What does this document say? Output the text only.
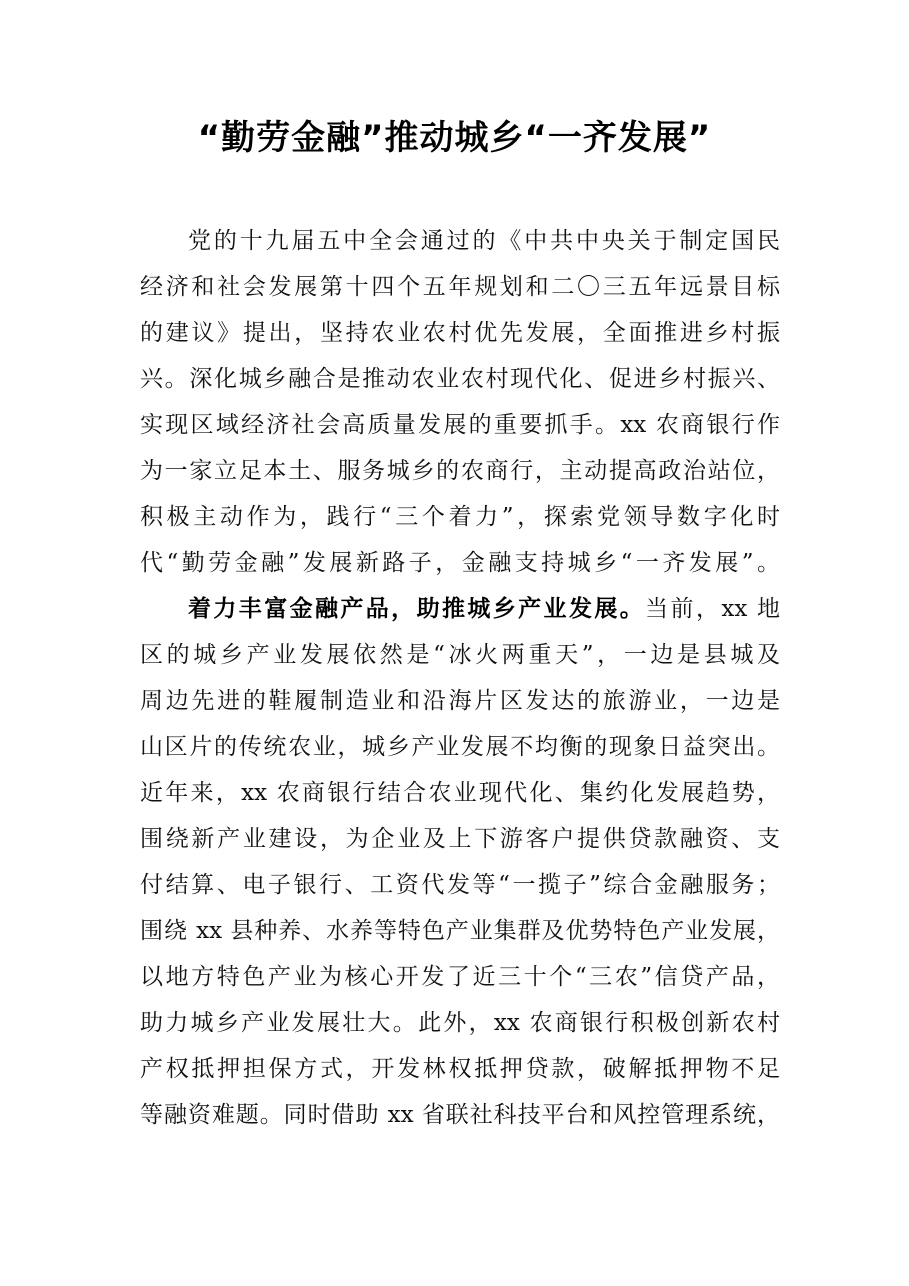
“勤劳金融”推动城乡“一齐发展”
党的十九届五中全会通过的《中共中央关于制定国民
经济和社会发展第十四个五年规划和二〇三五年远景目标
的建议》提出，坚持农业农村优先发展，全面推进乡村振
兴。深化城乡融合是推动农业农村现代化、促进乡村振兴、
实现区域经济社会高质量发展的重要抓手。xx 农商银行作
为一家立足本土、服务城乡的农商行，主动提高政治站位，
积极主动作为，践行“三个着力”，探索党领导数字化时
代“勤劳金融”发展新路子，金融支持城乡“一齐发展”。
着力丰富金融产品，助推城乡产业发展。当前，xx 地
区的城乡产业发展依然是“冰火两重天”，一边是县城及
周边先进的鞋履制造业和沿海片区发达的旅游业，一边是
山区片的传统农业，城乡产业发展不均衡的现象日益突出。
近年来，xx 农商银行结合农业现代化、集约化发展趋势，
围绕新产业建设，为企业及上下游客户提供贷款融资、支
付结算、电子银行、工资代发等“一揽子”综合金融服务；
围绕 xx 县种养、水养等特色产业集群及优势特色产业发展，
以地方特色产业为核心开发了近三十个“三农”信贷产品，
助力城乡产业发展壮大。此外，xx 农商银行积极创新农村
产权抵押担保方式，开发林权抵押贷款，破解抵押物不足
等融资难题。同时借助 xx 省联社科技平台和风控管理系统，
